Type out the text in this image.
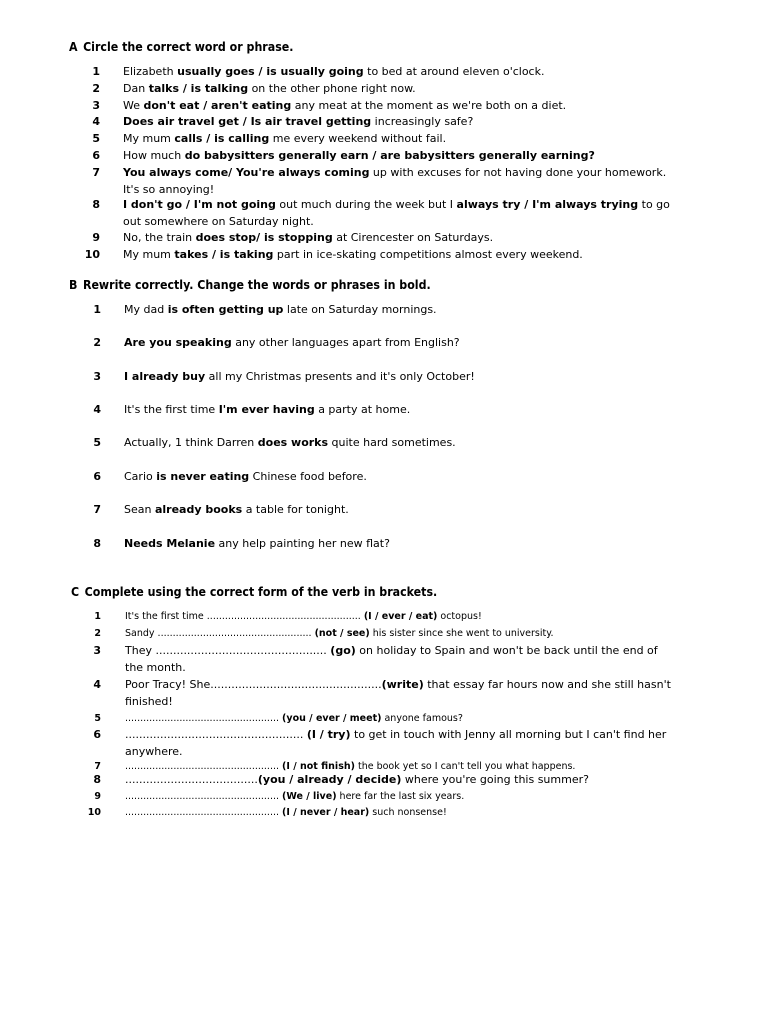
A Circle the correct word or phrase.
1 Elizabeth usually goes / is usually going to bed at around eleven o'clock.
2 Dan talks / is talking on the other phone right now.
3 We don't eat / aren't eating any meat at the moment as we're both on a diet.
4 Does air travel get / Is air travel getting increasingly safe?
5 My mum calls / is calling me every weekend without fail.
6 How much do babysitters generally earn / are babysitters generally earning?
7 You always come/ You're always coming up with excuses for not having done your homework. It's so annoying!
8 I don't go / I'm not going out much during the week but I always try / I'm always trying to go out somewhere on Saturday night.
9 No, the train does stop/ is stopping at Cirencester on Saturdays.
10 My mum takes / is taking part in ice-skating competitions almost every weekend.
B Rewrite correctly. Change the words or phrases in bold.
1 My dad is often getting up late on Saturday mornings.
2 Are you speaking any other languages apart from English?
3 I already buy all my Christmas presents and it's only October!
4 It's the first time I'm ever having a party at home.
5 Actually, 1 think Darren does works quite hard sometimes.
6 Cario is never eating Chinese food before.
7 Sean already books a table for tonight.
8 Needs Melanie any help painting her new flat?
C Complete using the correct form of the verb in brackets.
1	It's the first time ................................................... (I / ever / eat) octopus!
2	Sandy ................................................... (not / see) his sister since she went to university.
3 They ................................................. (go) on holiday to Spain and won't be back until the end of the month.
4 Poor Tracy! She.................................................(write) that essay far hours now and she still hasn't finished!
5	................................................... (you / ever / meet) anyone famous?
6 ................................................... (I / try) to get in touch with Jenny all morning but I can't find her anywhere.
7	................................................... (I / not finish) the book yet so I can't tell you what happens.
8 ......................................(you / already / decide) where you're going this summer?
9	................................................... (We / live) here far the last six years.
10	................................................... (I / never / hear) such nonsense!
